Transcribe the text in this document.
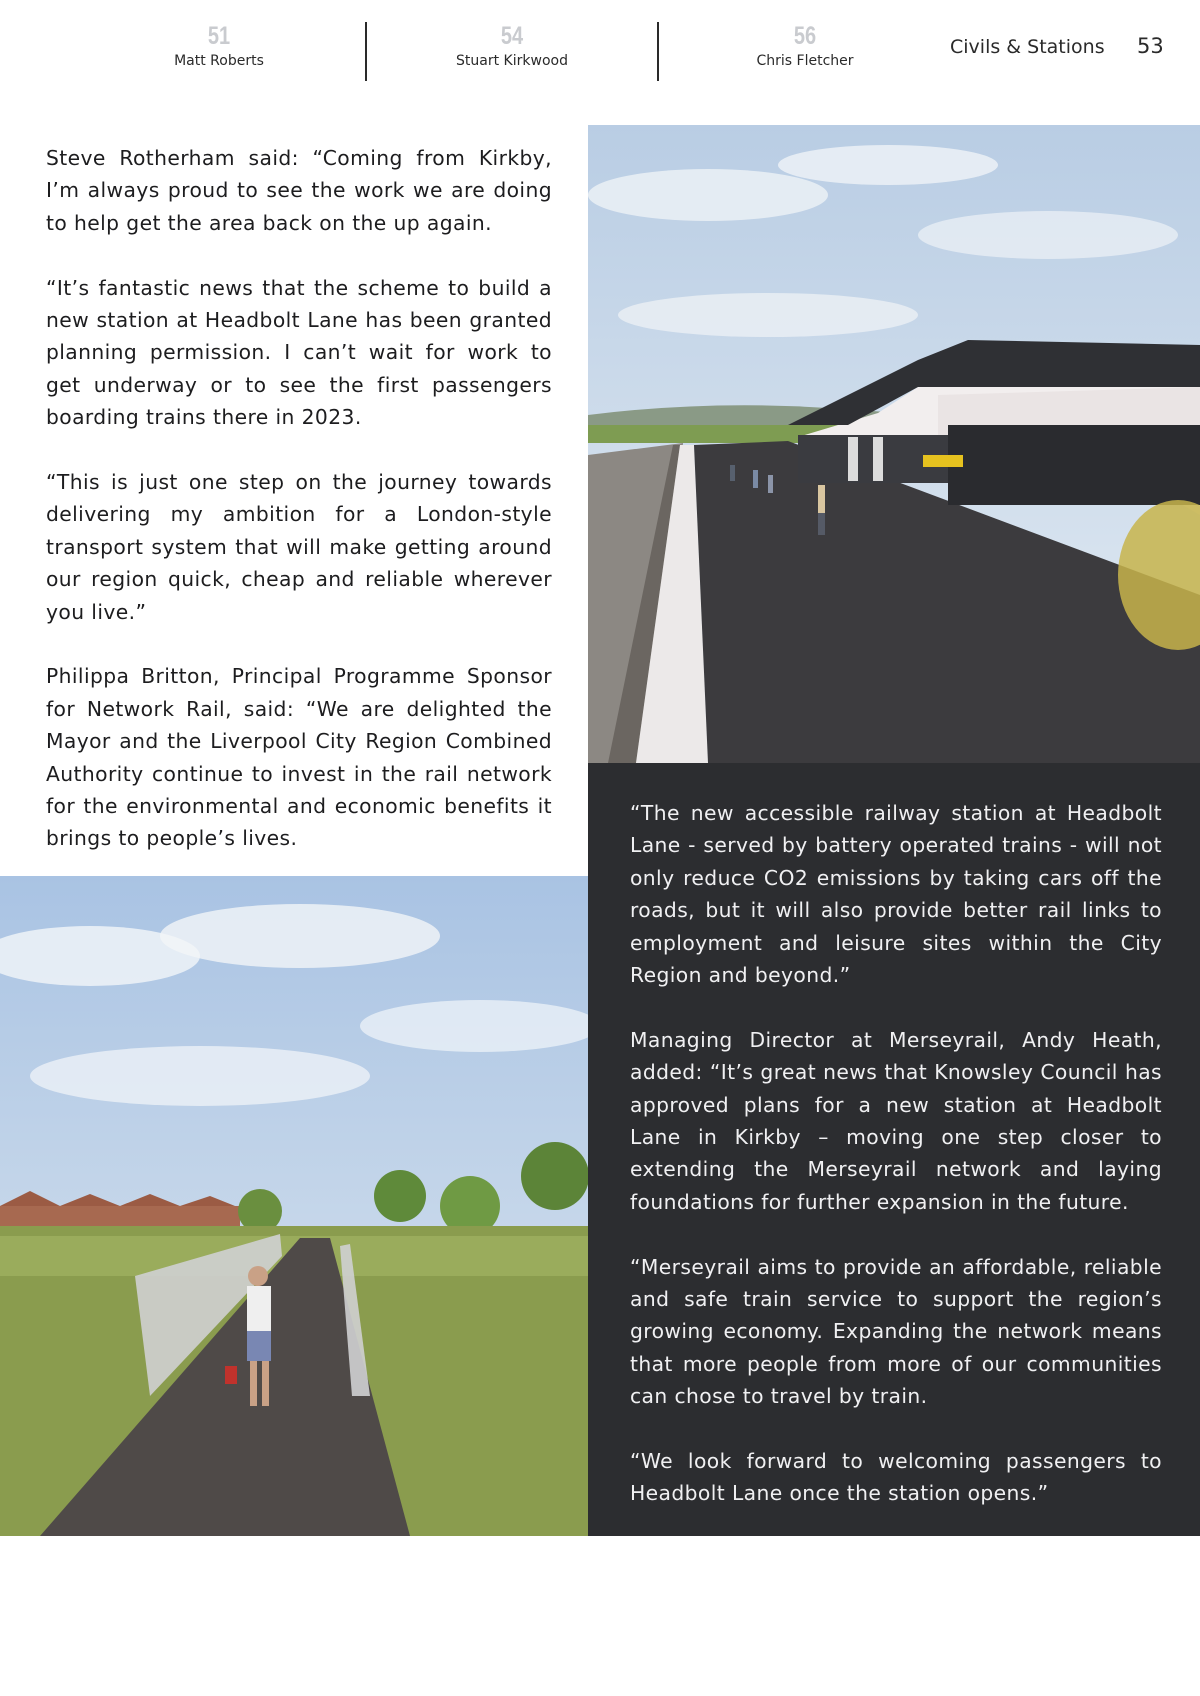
51
Matt Roberts
54
Stuart Kirkwood
56
Chris Fletcher
Civils & Stations 53

Steve Rotherham said: “Coming from Kirkby, I’m always proud to see the work we are doing to help get the area back on the up again.

“It’s fantastic news that the scheme to build a new station at Headbolt Lane has been granted planning permission. I can’t wait for work to get underway or to see the first passengers boarding trains there in 2023.

“This is just one step on the journey towards delivering my ambition for a London-style transport system that will make getting around our region quick, cheap and reliable wherever you live.”

Philippa Britton, Principal Programme Sponsor for Network Rail, said: “We are delighted the Mayor and the Liverpool City Region Combined Authority continue to invest in the rail network for the environmental and economic benefits it brings to people’s lives.

“The new accessible railway station at Headbolt Lane - served by battery operated trains - will not only reduce CO2 emissions by taking cars off the roads, but it will also provide better rail links to employment and leisure sites within the City Region and beyond.”

Managing Director at Merseyrail, Andy Heath, added: “It’s great news that Knowsley Council has approved plans for a new station at Headbolt Lane in Kirkby – moving one step closer to extending the Merseyrail network and laying foundations for further expansion in the future.

“Merseyrail aims to provide an affordable, reliable and safe train service to support the region’s growing economy. Expanding the network means that more people from more of our communities can chose to travel by train.

“We look forward to welcoming passengers to Headbolt Lane once the station opens.”
